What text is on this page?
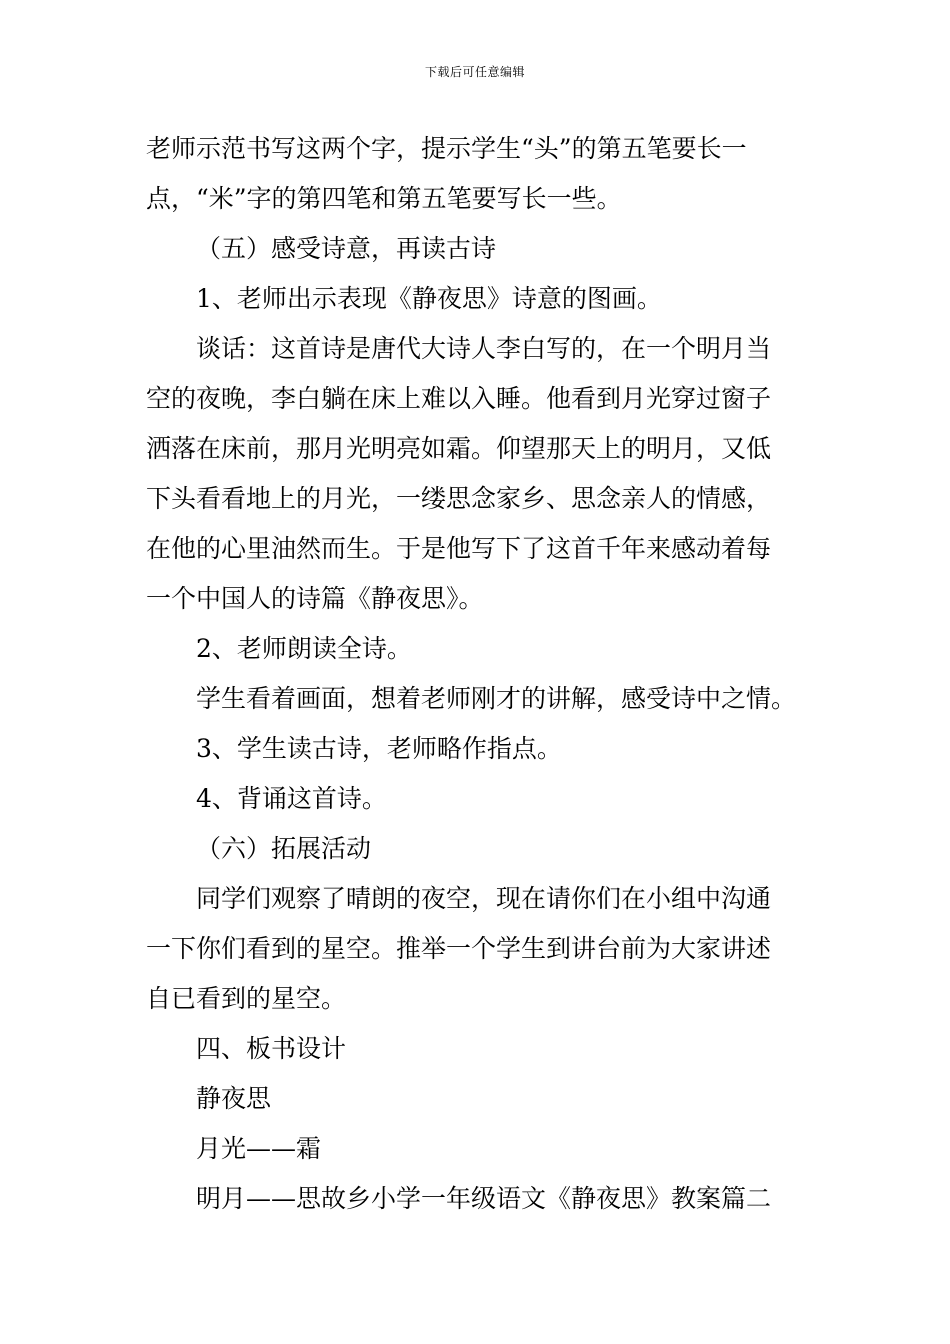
下载后可任意编辑
老师示范书写这两个字，提示学生“头”的第五笔要长一
点，“米”字的第四笔和第五笔要写长一些。
（五）感受诗意，再读古诗
1、老师出示表现《静夜思》诗意的图画。
谈话：这首诗是唐代大诗人李白写的，在一个明月当
空的夜晚，李白躺在床上难以入睡。他看到月光穿过窗子
洒落在床前，那月光明亮如霜。仰望那天上的明月，又低
下头看看地上的月光，一缕思念家乡、思念亲人的情感，
在他的心里油然而生。于是他写下了这首千年来感动着每
一个中国人的诗篇《静夜思》。
2、老师朗读全诗。
学生看着画面，想着老师刚才的讲解，感受诗中之情。
3、学生读古诗，老师略作指点。
4、背诵这首诗。
（六）拓展活动
同学们观察了晴朗的夜空，现在请你们在小组中沟通
一下你们看到的星空。推举一个学生到讲台前为大家讲述
自已看到的星空。
四、板书设计
静夜思
月光——霜
明月——思故乡小学一年级语文《静夜思》教案篇二
